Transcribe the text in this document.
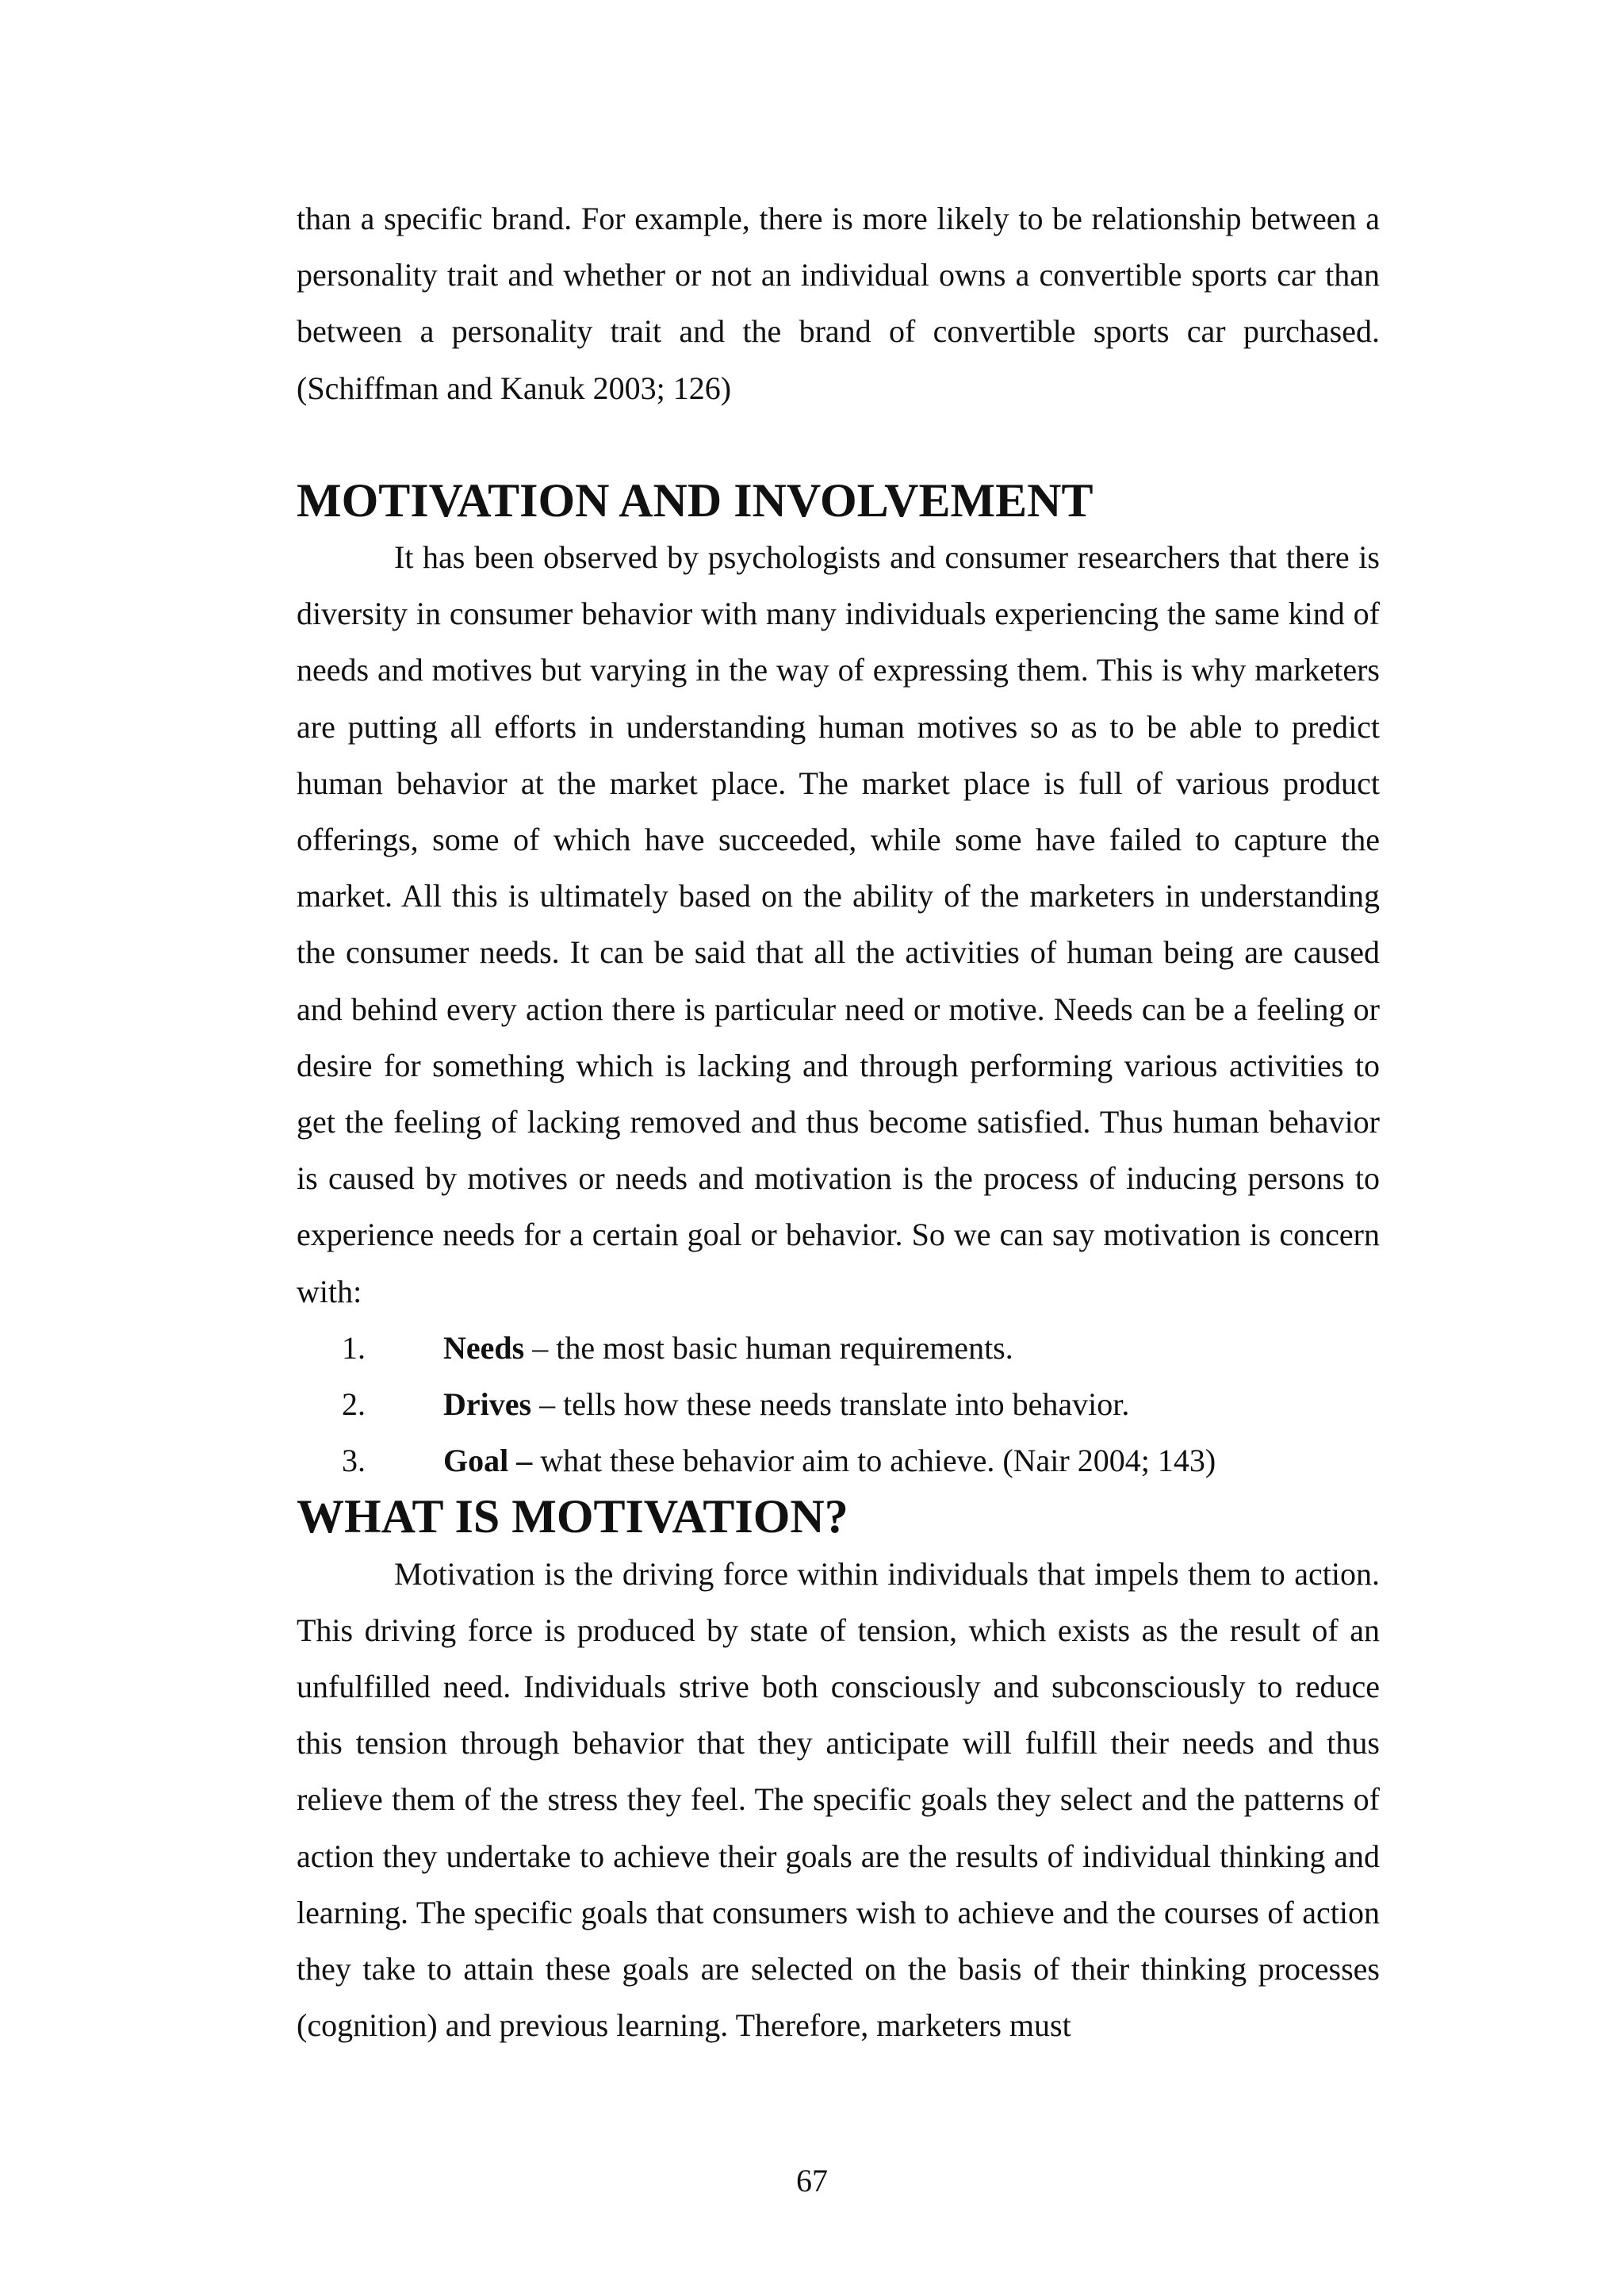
than a specific brand. For example, there is more likely to be relationship between a personality trait and whether or not an individual owns a convertible sports car than between a personality trait and the brand of convertible sports car purchased. (Schiffman and Kanuk 2003; 126)

MOTIVATION AND INVOLVEMENT

It has been observed by psychologists and consumer researchers that there is diversity in consumer behavior with many individuals experiencing the same kind of needs and motives but varying in the way of expressing them. This is why marketers are putting all efforts in understanding human motives so as to be able to predict human behavior at the market place. The market place is full of various product offerings, some of which have succeeded, while some have failed to capture the market. All this is ultimately based on the ability of the marketers in understanding the consumer needs. It can be said that all the activities of human being are caused and behind every action there is particular need or motive. Needs can be a feeling or desire for something which is lacking and through performing various activities to get the feeling of lacking removed and thus become satisfied. Thus human behavior is caused by motives or needs and motivation is the process of inducing persons to experience needs for a certain goal or behavior. So we can say motivation is concern with:

1. Needs – the most basic human requirements.
2. Drives – tells how these needs translate into behavior.
3. Goal – what these behavior aim to achieve. (Nair 2004; 143)
WHAT IS MOTIVATION?

Motivation is the driving force within individuals that impels them to action. This driving force is produced by state of tension, which exists as the result of an unfulfilled need. Individuals strive both consciously and subconsciously to reduce this tension through behavior that they anticipate will fulfill their needs and thus relieve them of the stress they feel. The specific goals they select and the patterns of action they undertake to achieve their goals are the results of individual thinking and learning. The specific goals that consumers wish to achieve and the courses of action they take to attain these goals are selected on the basis of their thinking processes (cognition) and previous learning. Therefore, marketers must

67
